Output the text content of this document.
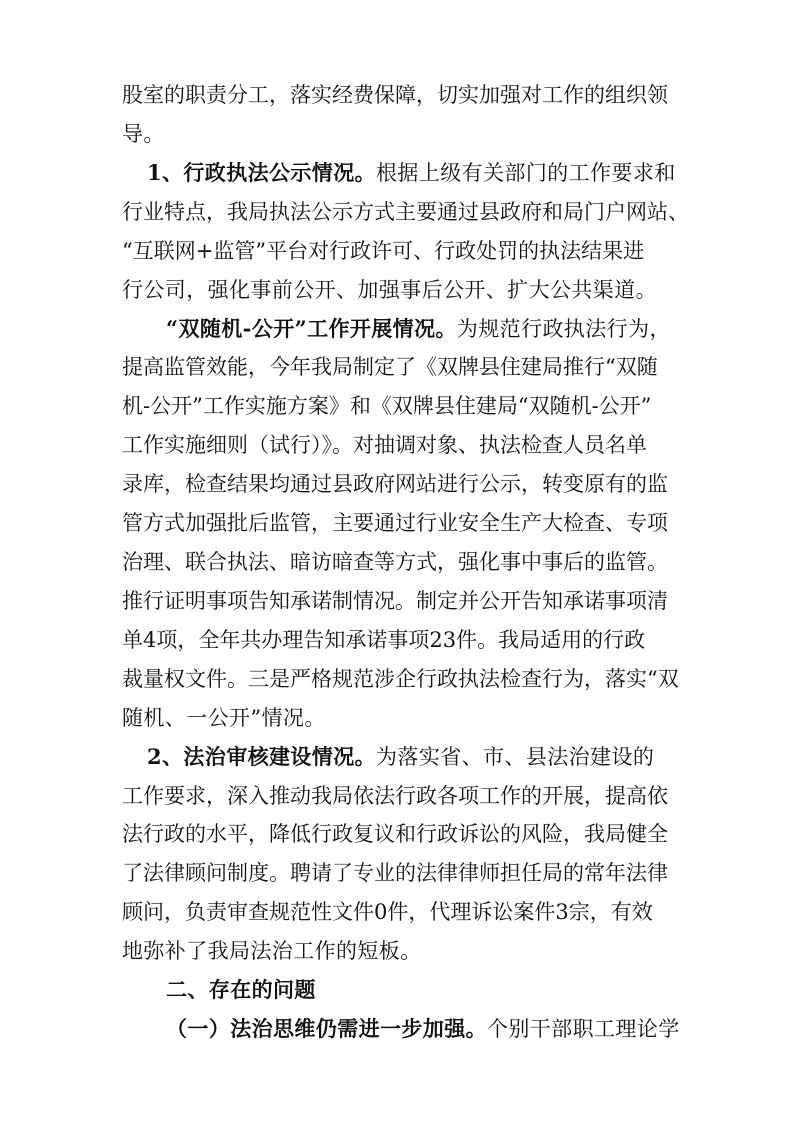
股室的职责分工，落实经费保障，切实加强对工作的组织领
导。
1、行政执法公示情况。根据上级有关部门的工作要求和
行业特点，我局执法公示方式主要通过县政府和局门户网站、
“互联网+监管”平台对行政许可、行政处罚的执法结果进
行公司，强化事前公开、加强事后公开、扩大公共渠道。
“双随机-公开”工作开展情况。为规范行政执法行为，
提高监管效能，今年我局制定了《双牌县住建局推行“双随
机-公开”工作实施方案》和《双牌县住建局“双随机-公开”
工作实施细则（试行）》。对抽调对象、执法检查人员名单
录库，检查结果均通过县政府网站进行公示，转变原有的监
管方式加强批后监管，主要通过行业安全生产大检查、专项
治理、联合执法、暗访暗查等方式，强化事中事后的监管。
推行证明事项告知承诺制情况。制定并公开告知承诺事项清
单4项，全年共办理告知承诺事项23件。我局适用的行政
裁量权文件。三是严格规范涉企行政执法检查行为，落实“双
随机、一公开”情况。
2、法治审核建设情况。为落实省、市、县法治建设的
工作要求，深入推动我局依法行政各项工作的开展，提高依
法行政的水平，降低行政复议和行政诉讼的风险，我局健全
了法律顾问制度。聘请了专业的法律律师担任局的常年法律
顾问，负责审查规范性文件0件，代理诉讼案件3宗，有效
地弥补了我局法治工作的短板。
二、存在的问题
（一）法治思维仍需进一步加强。个别干部职工理论学
